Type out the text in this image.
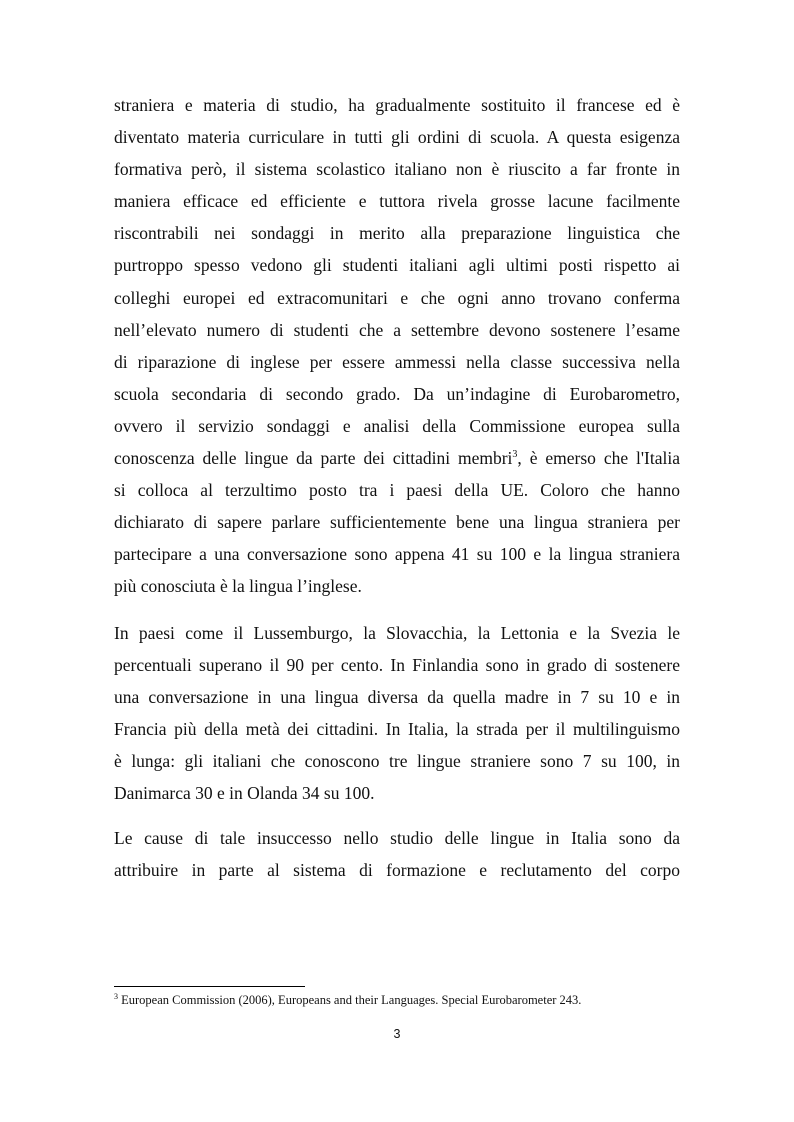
straniera e materia di studio, ha gradualmente sostituito il francese ed è
diventato materia curriculare in tutti gli ordini di scuola. A questa esigenza
formativa però, il sistema scolastico italiano non è riuscito a far fronte in
maniera efficace ed efficiente e tuttora rivela grosse lacune facilmente
riscontrabili nei sondaggi in merito alla preparazione linguistica che
purtroppo spesso vedono gli studenti italiani agli ultimi posti rispetto ai
colleghi europei ed extracomunitari e che ogni anno trovano conferma
nell’elevato numero di studenti che a settembre devono sostenere l’esame
di riparazione di inglese per essere ammessi nella classe successiva nella
scuola secondaria di secondo grado. Da un’indagine di Eurobarometro,
ovvero il servizio sondaggi e analisi della Commissione europea sulla
conoscenza delle lingue da parte dei cittadini membri$^3$, è emerso che l'Italia
si colloca al terzultimo posto tra i paesi della UE. Coloro che hanno
dichiarato di sapere parlare sufficientemente bene una lingua straniera per
partecipare a una conversazione sono appena 41 su 100 e la lingua straniera
più conosciuta è la lingua l’inglese.
In paesi come il Lussemburgo, la Slovacchia, la Lettonia e la Svezia le
percentuali superano il 90 per cento. In Finlandia sono in grado di sostenere
una conversazione in una lingua diversa da quella madre in 7 su 10 e in
Francia più della metà dei cittadini. In Italia, la strada per il multilinguismo
è lunga: gli italiani che conoscono tre lingue straniere sono 7 su 100, in
Danimarca 30 e in Olanda 34 su 100.
Le cause di tale insuccesso nello studio delle lingue in Italia sono da
attribuire in parte al sistema di formazione e reclutamento del corpo

$^3$ European Commission (2006), Europeans and their Languages. Special Eurobarometer 243.

3
